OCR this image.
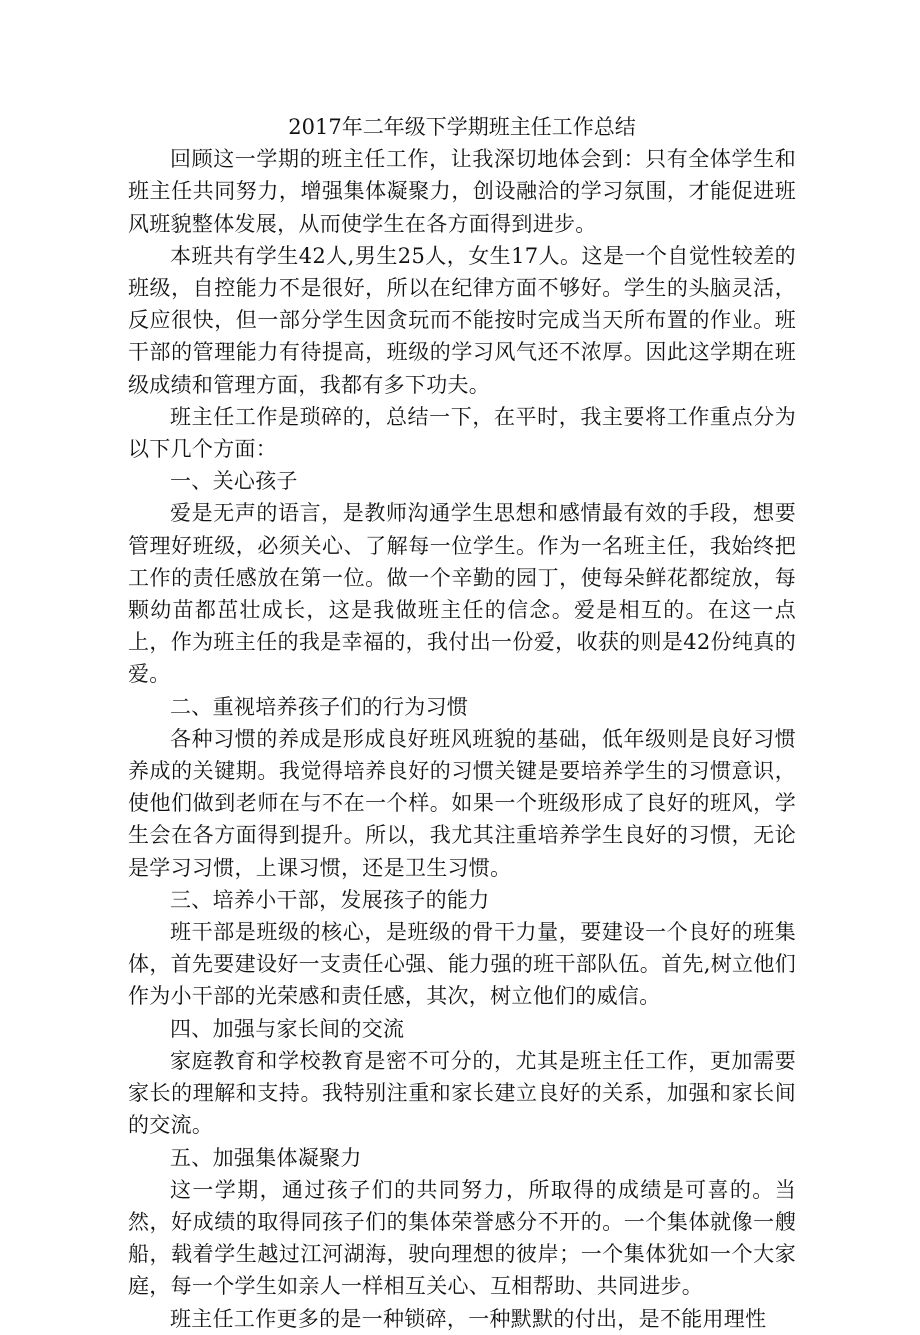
2017年二年级下学期班主任工作总结

回顾这一学期的班主任工作，让我深切地体会到：只有全体学生和班主任共同努力，增强集体凝聚力，创设融洽的学习氛围，才能促进班风班貌整体发展，从而使学生在各方面得到进步。

本班共有学生42人,男生25人，女生17人。这是一个自觉性较差的班级，自控能力不是很好，所以在纪律方面不够好。学生的头脑灵活，反应很快，但一部分学生因贪玩而不能按时完成当天所布置的作业。班干部的管理能力有待提高，班级的学习风气还不浓厚。因此这学期在班级成绩和管理方面，我都有多下功夫。

班主任工作是琐碎的，总结一下，在平时，我主要将工作重点分为以下几个方面：

一、关心孩子

爱是无声的语言，是教师沟通学生思想和感情最有效的手段，想要管理好班级，必须关心、了解每一位学生。作为一名班主任，我始终把工作的责任感放在第一位。做一个辛勤的园丁，使每朵鲜花都绽放，每颗幼苗都茁壮成长，这是我做班主任的信念。爱是相互的。在这一点上，作为班主任的我是幸福的，我付出一份爱，收获的则是42份纯真的爱。

二、重视培养孩子们的行为习惯

各种习惯的养成是形成良好班风班貌的基础，低年级则是良好习惯养成的关键期。我觉得培养良好的习惯关键是要培养学生的习惯意识，使他们做到老师在与不在一个样。如果一个班级形成了良好的班风，学生会在各方面得到提升。所以，我尤其注重培养学生良好的习惯，无论是学习习惯，上课习惯，还是卫生习惯。

三、培养小干部，发展孩子的能力

班干部是班级的核心，是班级的骨干力量，要建设一个良好的班集体，首先要建设好一支责任心强、能力强的班干部队伍。首先,树立他们作为小干部的光荣感和责任感，其次，树立他们的威信。

四、加强与家长间的交流

家庭教育和学校教育是密不可分的，尤其是班主任工作，更加需要家长的理解和支持。我特别注重和家长建立良好的关系，加强和家长间的交流。

五、加强集体凝聚力

这一学期，通过孩子们的共同努力，所取得的成绩是可喜的。当然，好成绩的取得同孩子们的集体荣誉感分不开的。一个集体就像一艘船，载着学生越过江河湖海，驶向理想的彼岸；一个集体犹如一个大家庭，每一个学生如亲人一样相互关心、互相帮助、共同进步。

班主任工作更多的是一种锁碎，一种默默的付出，是不能用理性
